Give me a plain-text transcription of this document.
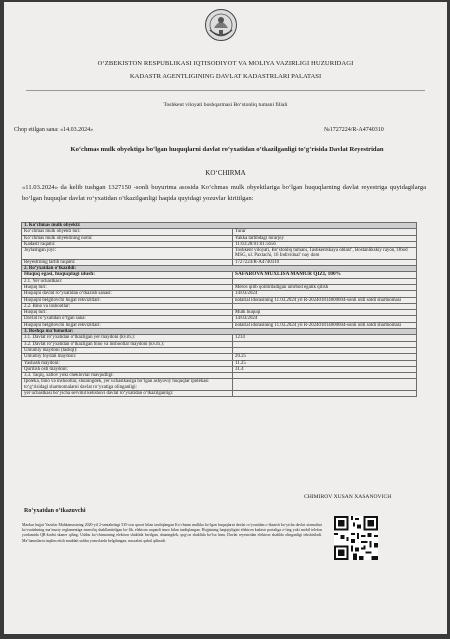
O‘ZBEKISTON RESPUBLIKASI IQTISODIYOT VA MOLIYA VAZIRLIGI HUZURIDAGI
KADASTR AGENTLIGINING DAVLAT KADASTRLARI PALATASI
Toshkent viloyati boshqarmasi Bo‘stonliq tumani filiali
Chop etilgan sana: «14.03.2024»	№1727224/R-A4740310
Ko‘chmas mulk obyektiga bo‘lgan huquqlarni davlat ro‘yxatidan o‘tkazilganligi to‘g‘risida Davlat Reyestridan
KO‘CHIRMA
«11.03.2024» da kelib tushgan 1327150 -sonli buyurtma asosida Ko‘chmas mulk obyektlariga bo‘lgan huquqlarning davlat reyestriga quyidagilarga bo‘lgan huquqlar davlat ro‘yxatidan o‘tkazilganligi haqida quyidagi yozuvlar kiritilgan:
1. Ko‘chmas mulk obyekti:	
Ko‘chmas mulk obyekti turi:	Turar
Ko‘chmas mulk obyektining nomi:	Yakka tartibdagi turarjoy
Kadastr raqami:	11:03:28:01:01:5656
Joylashgan joyi:	Toshkent viloyati, Bo‘stonliq tumani, Tashkentskaya oblast’, Bostanlikskiy rayon, Obod MSG, ul. Paxtachi, 16 Individual’ nay dom
Reyestrning tartib raqami:	1727224/R-A4740310
2. Ro‘yxatdan o‘tkazildi:	
Huquq egasi, huquqdagi ulush:	SAFAROVA MUXLISA MAMUR QIZI, 100%
2.1. Yer uchastkasi:	
Huquq turi:	Meros qilib qoldiriladigan umrbod egalik qilish
Huquqni davlat ro‘yxatidan o‘tkazish sanasi:	14/03/2024
Huquqni belgilovchi hujjat rekvizitlari:	notarial idorasining 11.03.2024 yil R-202401814000604-sonli oldi sotdi shartnomasi
2.2. Bino va inshootlar:	
Huquq turi:	Mulk huquqi
Davlat ro‘yxatidan o‘tgan sana:	14/03/2024
Huquqni belgilovchi hujjat rekvizitlari:	notarial idorasining 11.03.2024 yil R-202401814000604-sonli oldi sotdi shartnomasi
3. Boshqa ma’lumotlar:	
3.1. Davlat ro‘yxatidan o‘tkazilgan yer maydoni (kv.m.):	1214
3.2. Davlat ro‘yxatidan o‘tkazilgan bino va inshootlar maydoni (kv.m.):	
Umumiy maydoni (tashqi):	
Umumiy foydali maydoni:	20.25
Yashash maydoni:	11.25
Qurilish osti maydoni:	31.4
3.3. Taqiq, xatlov yoki cheklovlar mavjudligi:	
Ipoteka, bino va inshootlar, shuningdek, yer uchastkasiga bo‘lgan ashyoviy huquqlar ipotekasi to‘g‘risidagi shartnomalarni davlat ro‘yxatiga olinganligi:	
yer uchastkasi bo‘yicha servitut kelishuvi davlat ro‘yxatidan o‘tkazilganligi:	
CHIMIROV XUSAN XASANOVICH
Ro‘yxatdan o‘tkazuvchi
Mazkur hujjat Vazirlar Mahkamasining 2020-yil 2-sentabrdagi 535-son qarori bilan tasdiqlangan Ko‘chmas mulkka bo‘lgan huquqlarni davlat ro‘yxatidan o‘tkazish bo‘yicha davlat xizmatlari ko‘rsatishning ma’muriy reglamentiga muvofiq shakllantirilgan bo‘lib, elektron raqamli imzo bilan tasdiqlangan. Hujjatning haqiqiyligini elektron kadastr portaliga o‘ting yoki mobil telefon yordamida QR-kodni skaner qiling. Ushbu ko‘chirmaning elektron shaklida berilgan, shuningdek, qog‘oz shaklida bo‘lsa ham, Davlat reyestridan elektron shaklda olinganligi tekshiriladi. Ma’lumotlarni taqdim etish muddati ushbu yozuvlarda belgilangan, nusxalari qabul qilinadi.
